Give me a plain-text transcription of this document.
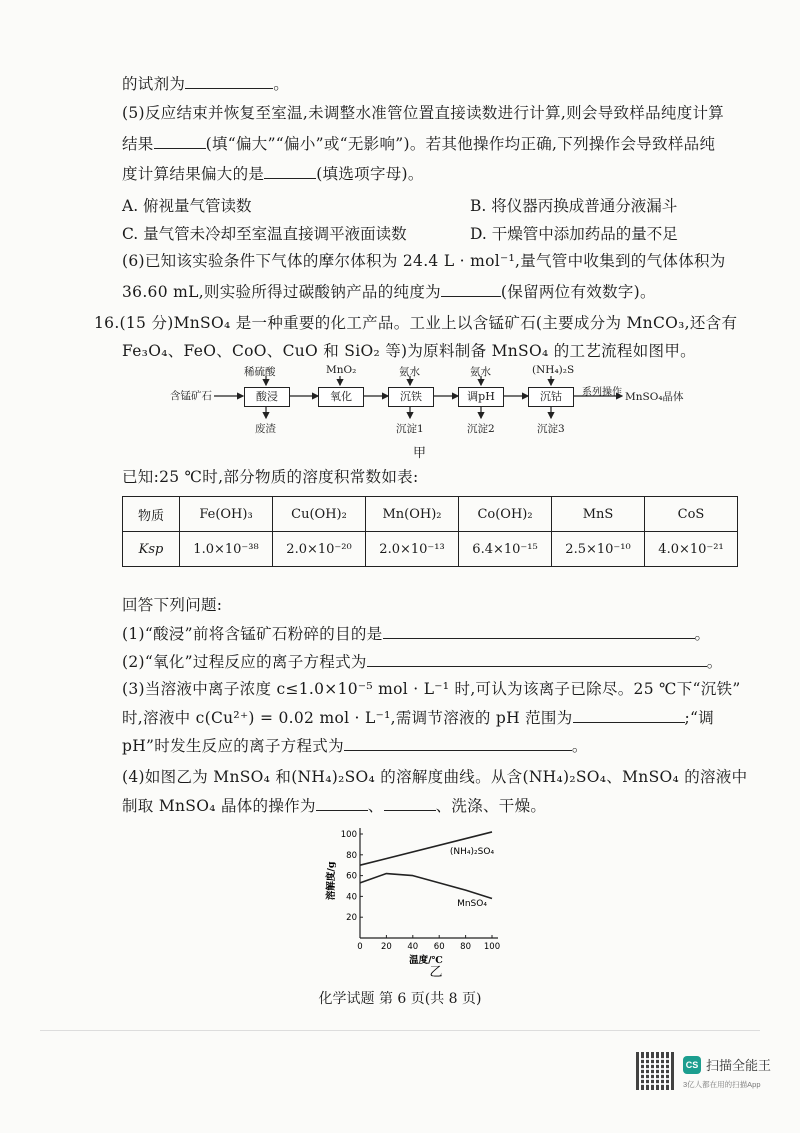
的试剂为	。
(5)反应结束并恢复至室温,未调整水准管位置直接读数进行计算,则会导致样品纯度计算
结果	(填“偏大”“偏小”或“无影响”)。若其他操作均正确,下列操作会导致样品纯
度计算结果偏大的是	(填选项字母)。
A. 俯视量气管读数	B. 将仪器丙换成普通分液漏斗
C. 量气管未冷却至室温直接调平液面读数	D. 干燥管中添加药品的量不足
(6)已知该实验条件下气体的摩尔体积为 24.4 L · mol⁻¹,量气管中收集到的气体体积为
36.60 mL,则实验所得过碳酸钠产品的纯度为	(保留两位有效数字)。
16.(15 分)MnSO₄ 是一种重要的化工产品。工业上以含锰矿石(主要成分为 MnCO₃,还含有
Fe₃O₄、FeO、CoO、CuO 和 SiO₂ 等)为原料制备 MnSO₄ 的工艺流程如图甲。
含锰矿石
稀硫酸	MnO₂	氨水	氨水	(NH₄)₂S
酸浸	氧化	沉铁	调pH	沉钴	系列操作 MnSO₄晶体
废渣	沉淀1	沉淀2	沉淀3
甲
已知:25 ℃时,部分物质的溶度积常数如表:
物质	Fe(OH)₃	Cu(OH)₂	Mn(OH)₂	Co(OH)₂	MnS	CoS
Ksp	1.0×10⁻³⁸	2.0×10⁻²⁰	2.0×10⁻¹³	6.4×10⁻¹⁵	2.5×10⁻¹⁰	4.0×10⁻²¹
回答下列问题:
(1)“酸浸”前将含锰矿石粉碎的目的是	。
(2)“氧化”过程反应的离子方程式为	。
(3)当溶液中离子浓度 c≤1.0×10⁻⁵ mol · L⁻¹ 时,可认为该离子已除尽。25 ℃下“沉铁”
时,溶液中 c(Cu²⁺) = 0.02 mol · L⁻¹,需调节溶液的 pH 范围为	;“调
pH”时发生反应的离子方程式为	。
(4)如图乙为 MnSO₄ 和(NH₄)₂SO₄ 的溶解度曲线。从含(NH₄)₂SO₄、MnSO₄ 的溶液中
制取 MnSO₄ 晶体的操作为	、	、洗涤、干燥。
0 20 40 60 80 100
20
40
60
80
100
温度/℃
溶解度/g
(NH₄)₂SO₄
MnSO₄
乙
化学试题 第 6 页(共 8 页)
CS 扫描全能王
3亿人都在用的扫描App
